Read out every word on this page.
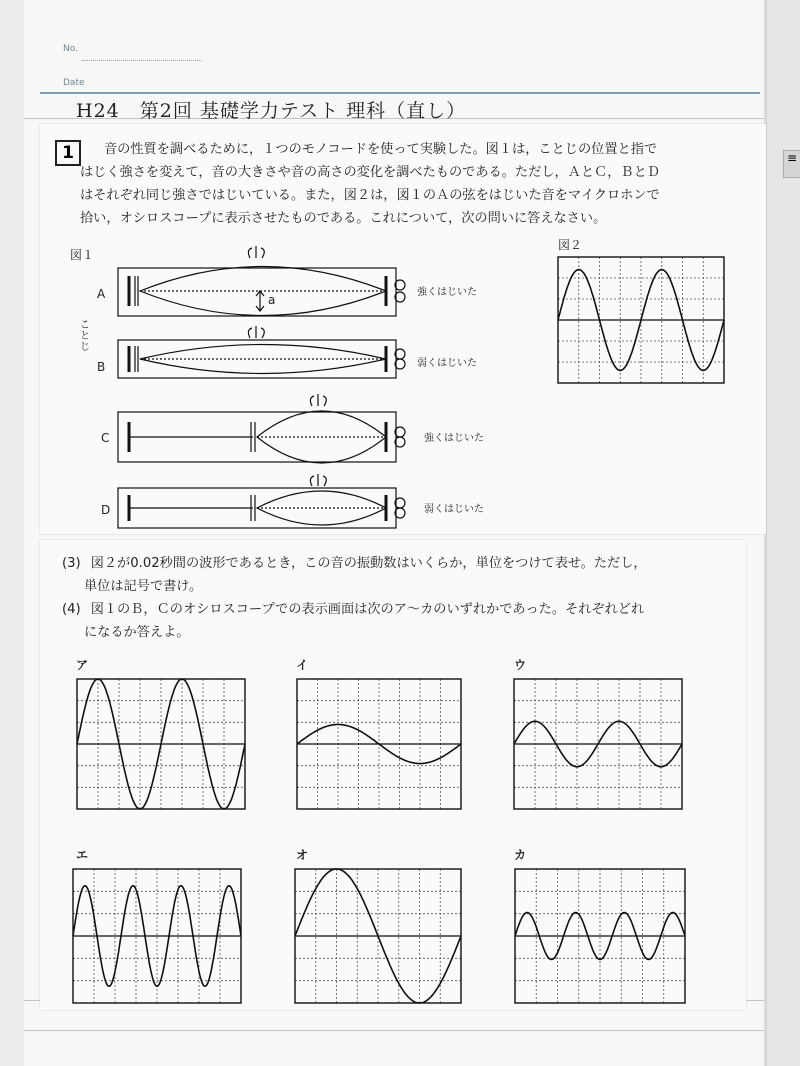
≡
No.
Date
H24　第2回 基礎学力テスト 理科（直し）
1	音の性質を調べるために，１つのモノコードを使って実験した。図１は，ことじの位置と指で
はじく強さを変えて，音の大きさや音の高さの変化を調べたものである。ただし，ＡとＣ，ＢとＤ
はそれぞれ同じ強さではじいている。また，図２は，図１のＡの弦をはじいた音をマイクロホンで
拾い，オシロスコープに表示させたものである。これについて，次の問いに答えなさい。
図１
A
B
C
D
ことじ
a
強くはじいた
弱くはじいた
強くはじいた
弱くはじいた
図２
(3) 図２が0.02秒間の波形であるとき，この音の振動数はいくらか，単位をつけて表せ。ただし，
単位は記号で書け。
(4) 図１のＢ，Ｃのオシロスコープでの表示画面は次のア～カのいずれかであった。それぞれどれ
になるか答えよ。
ア	イ	ウ
エ	オ	カ
